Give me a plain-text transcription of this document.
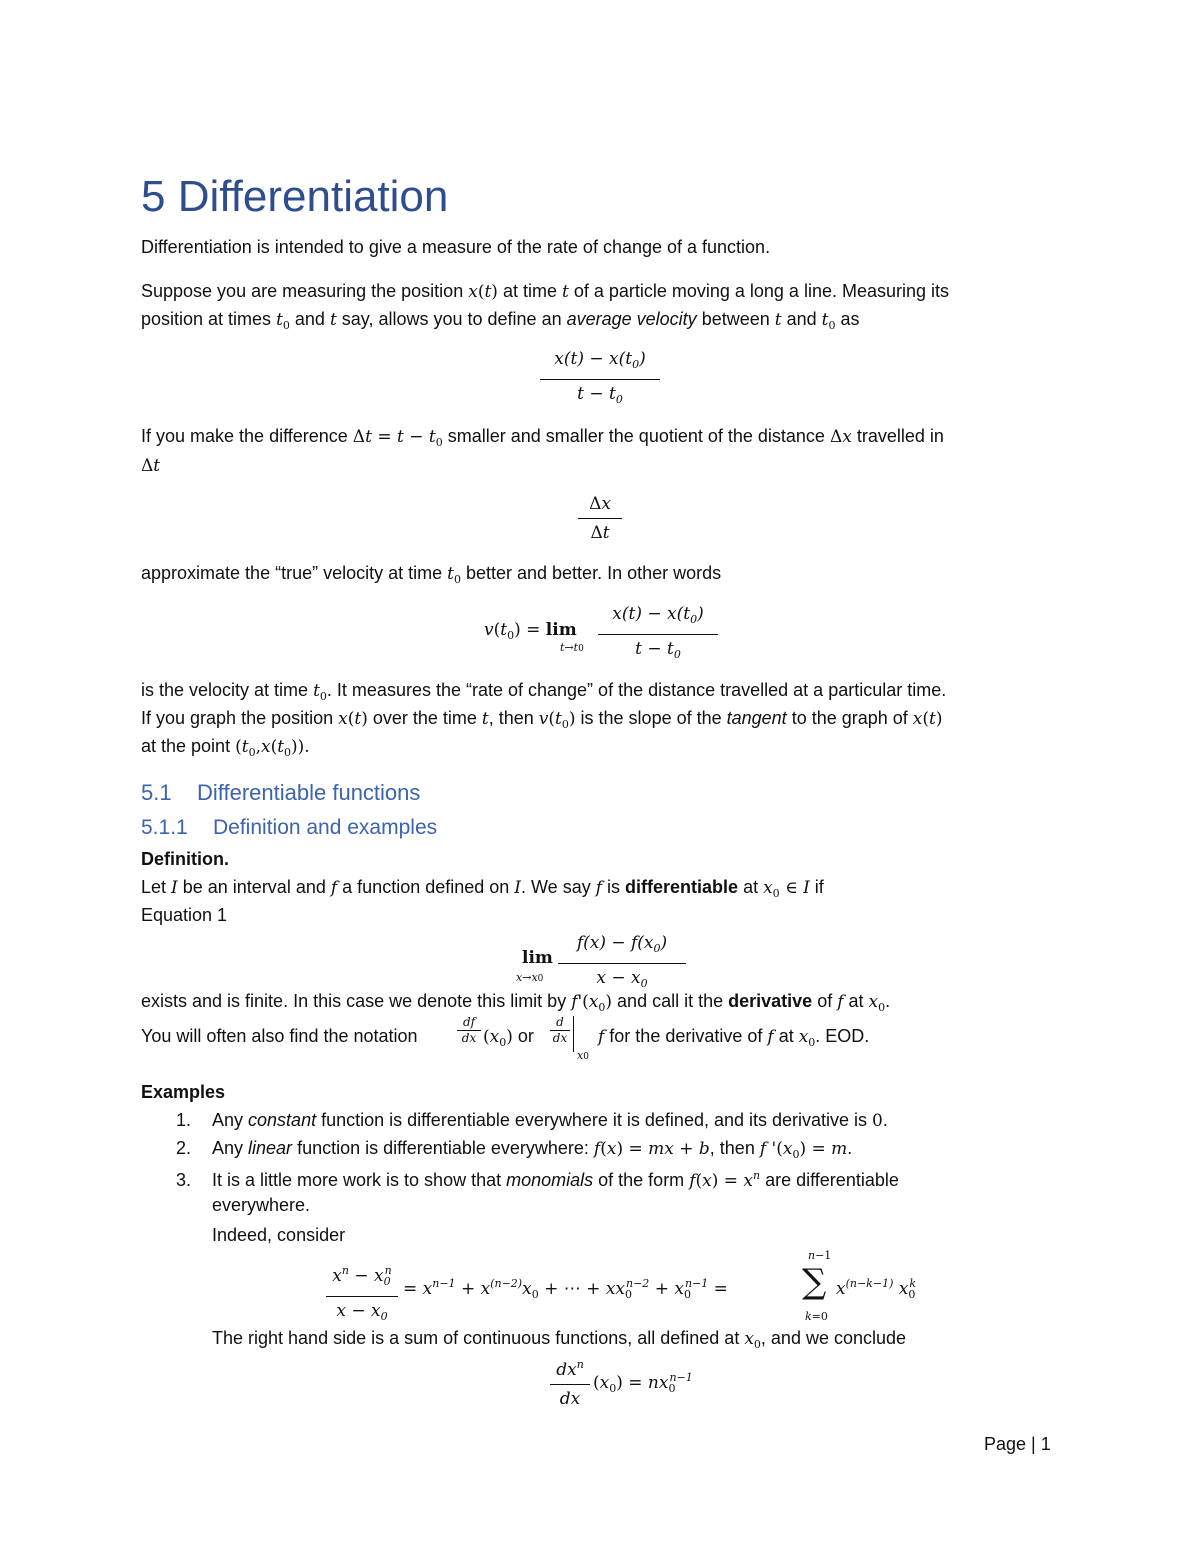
5 Differentiation
Differentiation is intended to give a measure of the rate of change of a function.
Suppose you are measuring the position x(t) at time t of a particle moving a long a line. Measuring its
position at times $t_0$ and t say, allows you to define an average velocity between t and $t_0$ as
$x(t) - x(t_0)$
$t - t_0$
If you make the difference $\Delta t = t - t_0$ smaller and smaller the quotient of the distance Δx travelled in
Δt
Δx
Δt
approximate the “true” velocity at time $t_0$ better and better. In other words
$v(t_0) = \lim$
t→t0
$x(t) - x(t_0)$
$t - t_0$
is the velocity at time $t_0$. It measures the “rate of change” of the distance travelled at a particular time.
If you graph the position x(t) over the time t, then $v(t_0)$ is the slope of the tangent to the graph of x(t)
at the point $(t_0,x(t_0))$.
5.1 Differentiable functions
5.1.1 Definition and examples
Definition.
Let I be an interval and f a function defined on I. We say f is differentiable at $x_0$ ∈ I if
Equation 1
lim
x→x0
$f(x) - f(x_0)$
$x - x_0$
exists and is finite. In this case we denote this limit by $f'(x_0)$ and call it the derivative of f at $x_0$.
You will often also find the notation
df
dx $(x_0)$ or
d
dx
x0
f for the derivative of f at $x_0$. EOD.
Examples
1. Any constant function is differentiable everywhere it is defined, and its derivative is 0.
2. Any linear function is differentiable everywhere: f(x) = mx + b, then f '$(x_0) = m$.
3. It is a little more work is to show that monomials of the form $f(x) = x^n$ are differentiable
everywhere.
Indeed, consider
$x^n - x_0^n$
$x - x_0$
= $x^{n-1} + x^{(n-2)}x_0$ + ⋯ + $xx_0^{n-2} + x_0^{n-1}$ =
n−1
∑
k=0
$x^{(n-k-1)}$ $x_0^k$
The right hand side is a sum of continuous functions, all defined at $x_0$, and we conclude
$dx^n$
dx
$(x_0) = nx_0^{n-1}$
Page | 1
